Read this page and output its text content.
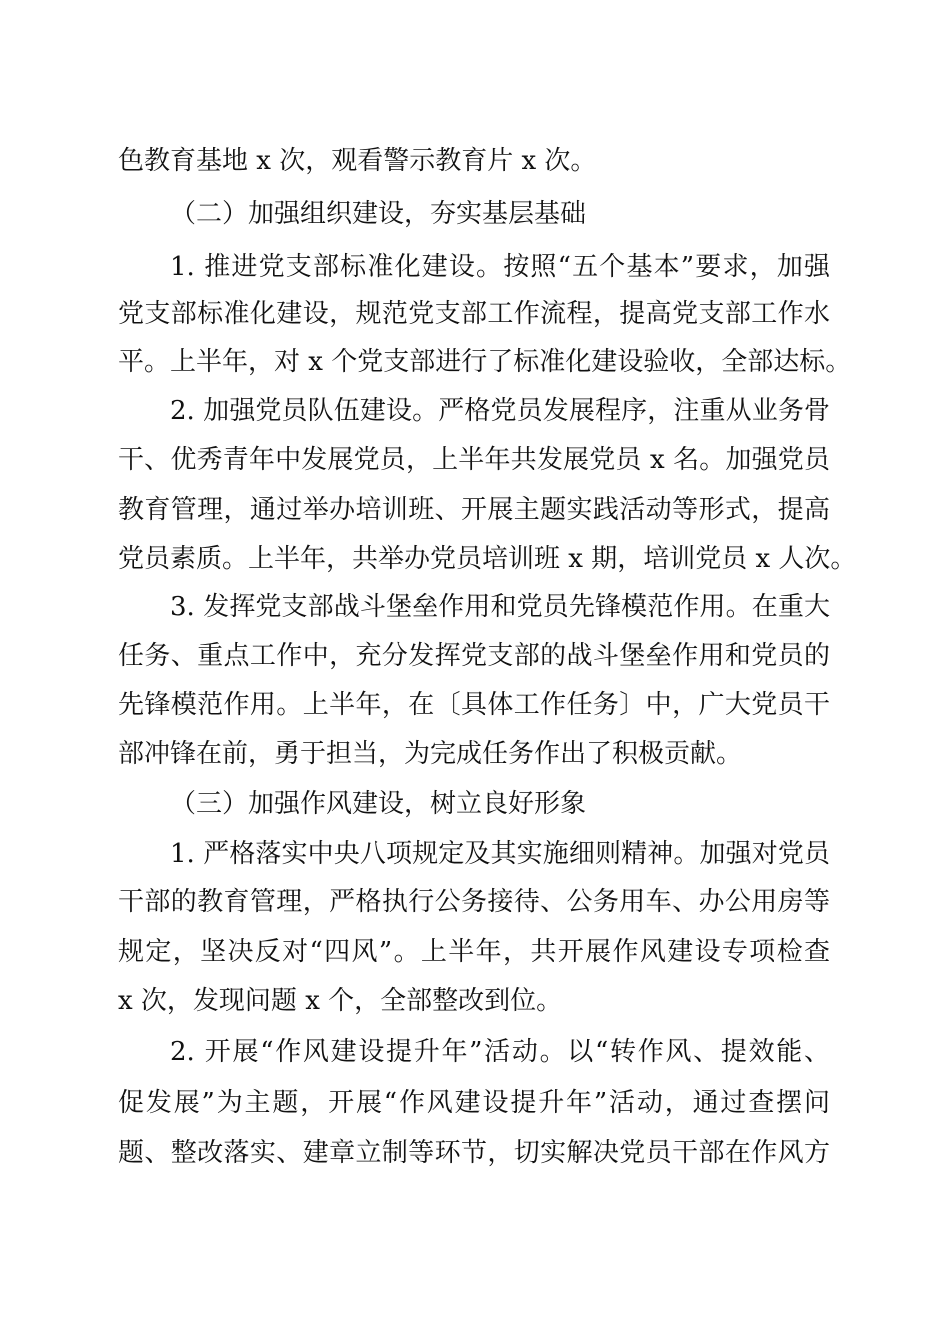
色教育基地 x 次，观看警示教育片 x 次。
（二）加强组织建设，夯实基层基础
1. 推进党支部标准化建设。按照“五个基本”要求，加强
党支部标准化建设，规范党支部工作流程，提高党支部工作水
平。上半年，对 x 个党支部进行了标准化建设验收，全部达标。
2. 加强党员队伍建设。严格党员发展程序，注重从业务骨
干、优秀青年中发展党员，上半年共发展党员 x 名。加强党员
教育管理，通过举办培训班、开展主题实践活动等形式，提高
党员素质。上半年，共举办党员培训班 x 期，培训党员 x 人次。
3. 发挥党支部战斗堡垒作用和党员先锋模范作用。在重大
任务、重点工作中，充分发挥党支部的战斗堡垒作用和党员的
先锋模范作用。上半年，在〔具体工作任务〕中，广大党员干
部冲锋在前，勇于担当，为完成任务作出了积极贡献。
（三）加强作风建设，树立良好形象
1. 严格落实中央八项规定及其实施细则精神。加强对党员
干部的教育管理，严格执行公务接待、公务用车、办公用房等
规定，坚决反对“四风”。上半年，共开展作风建设专项检查
x 次，发现问题 x 个，全部整改到位。
2. 开展“作风建设提升年”活动。以“转作风、提效能、
促发展”为主题，开展“作风建设提升年”活动，通过查摆问
题、整改落实、建章立制等环节，切实解决党员干部在作风方
